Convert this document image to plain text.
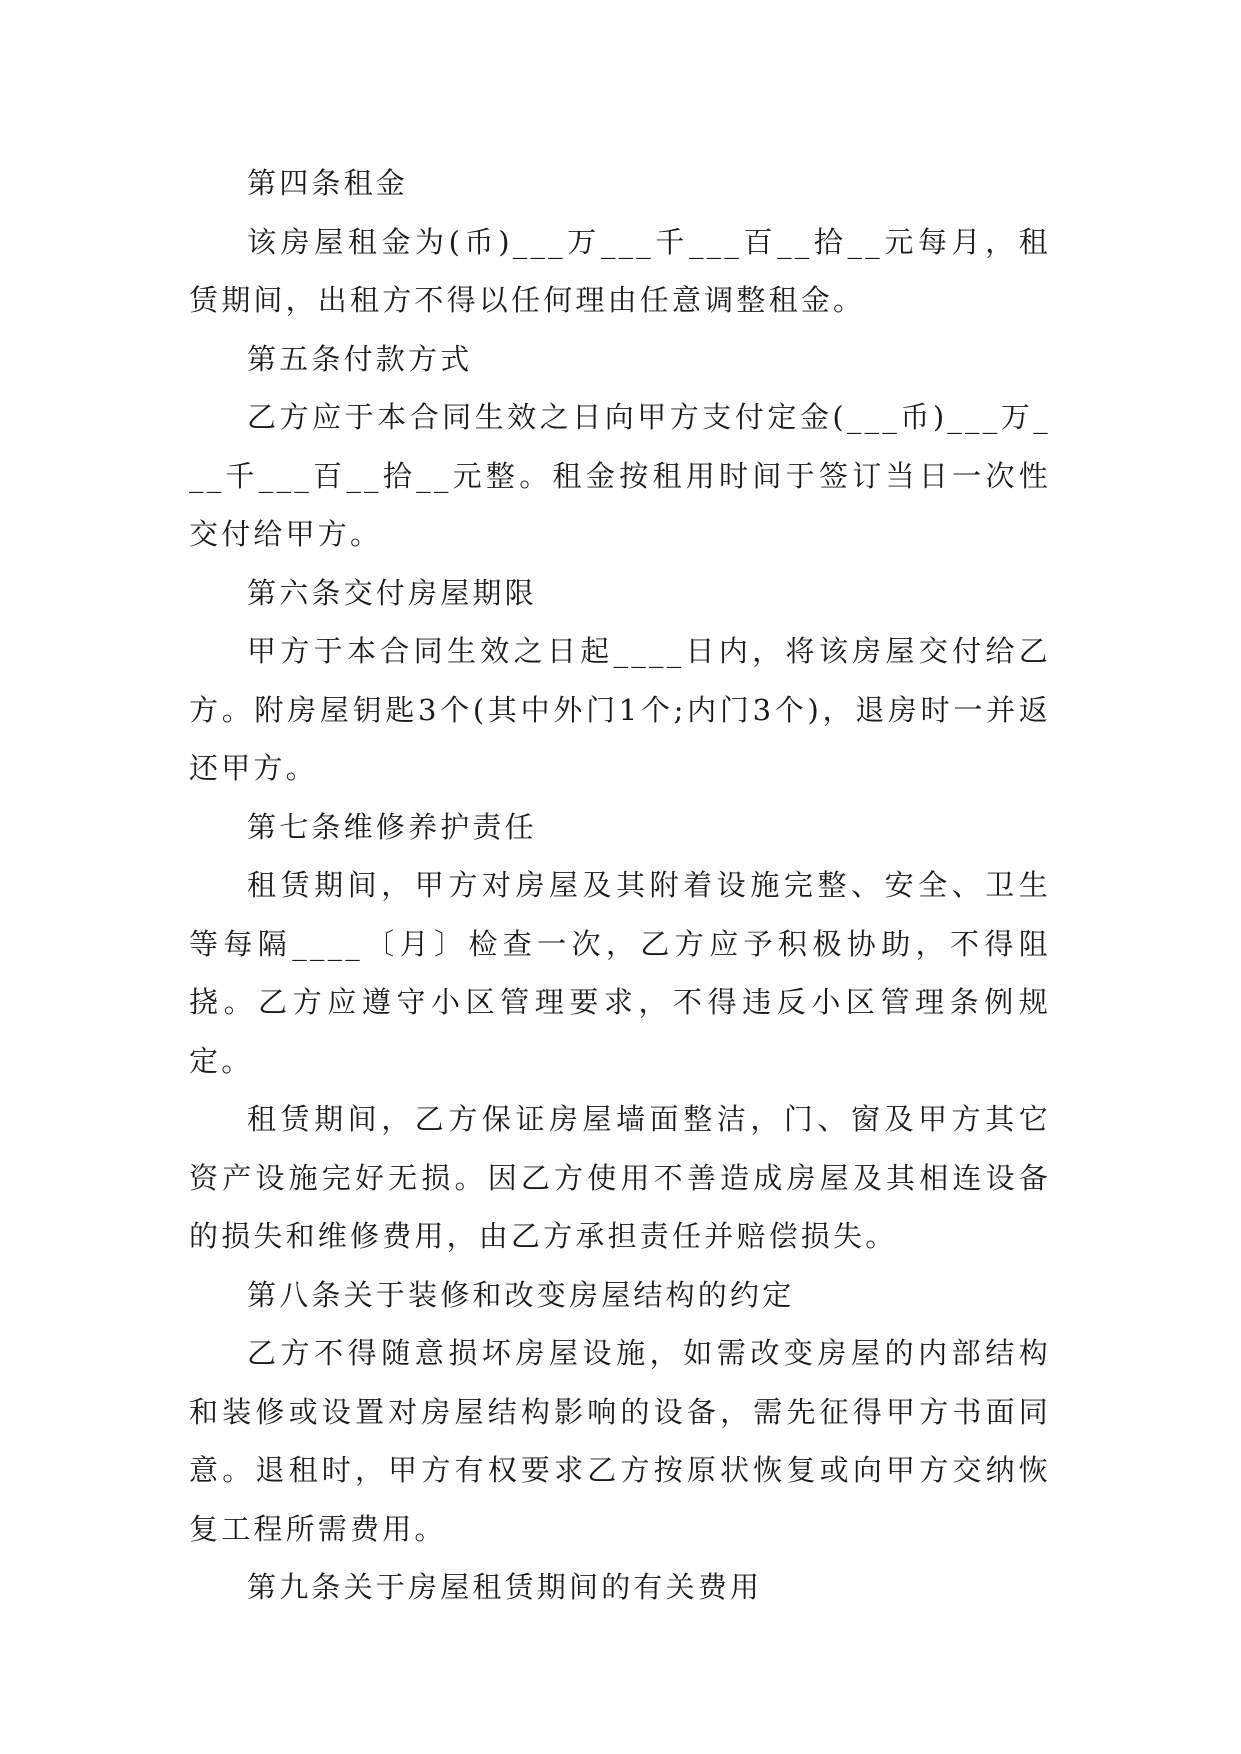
第四条租金

该房屋租金为(币)___万___千___百__拾__元每月，租赁期间，出租方不得以任何理由任意调整租金。

第五条付款方式

乙方应于本合同生效之日向甲方支付定金(___币)___万___千___百__拾__元整。租金按租用时间于签订当日一次性交付给甲方。

第六条交付房屋期限

甲方于本合同生效之日起____日内，将该房屋交付给乙方。附房屋钥匙3个(其中外门1个;内门3个)，退房时一并返还甲方。

第七条维修养护责任

租赁期间，甲方对房屋及其附着设施完整、安全、卫生等每隔____〔月〕检查一次，乙方应予积极协助，不得阻挠。乙方应遵守小区管理要求，不得违反小区管理条例规定。

租赁期间，乙方保证房屋墙面整洁，门、窗及甲方其它资产设施完好无损。因乙方使用不善造成房屋及其相连设备的损失和维修费用，由乙方承担责任并赔偿损失。

第八条关于装修和改变房屋结构的约定

乙方不得随意损坏房屋设施，如需改变房屋的内部结构和装修或设置对房屋结构影响的设备，需先征得甲方书面同意。退租时，甲方有权要求乙方按原状恢复或向甲方交纳恢复工程所需费用。

第九条关于房屋租赁期间的有关费用
